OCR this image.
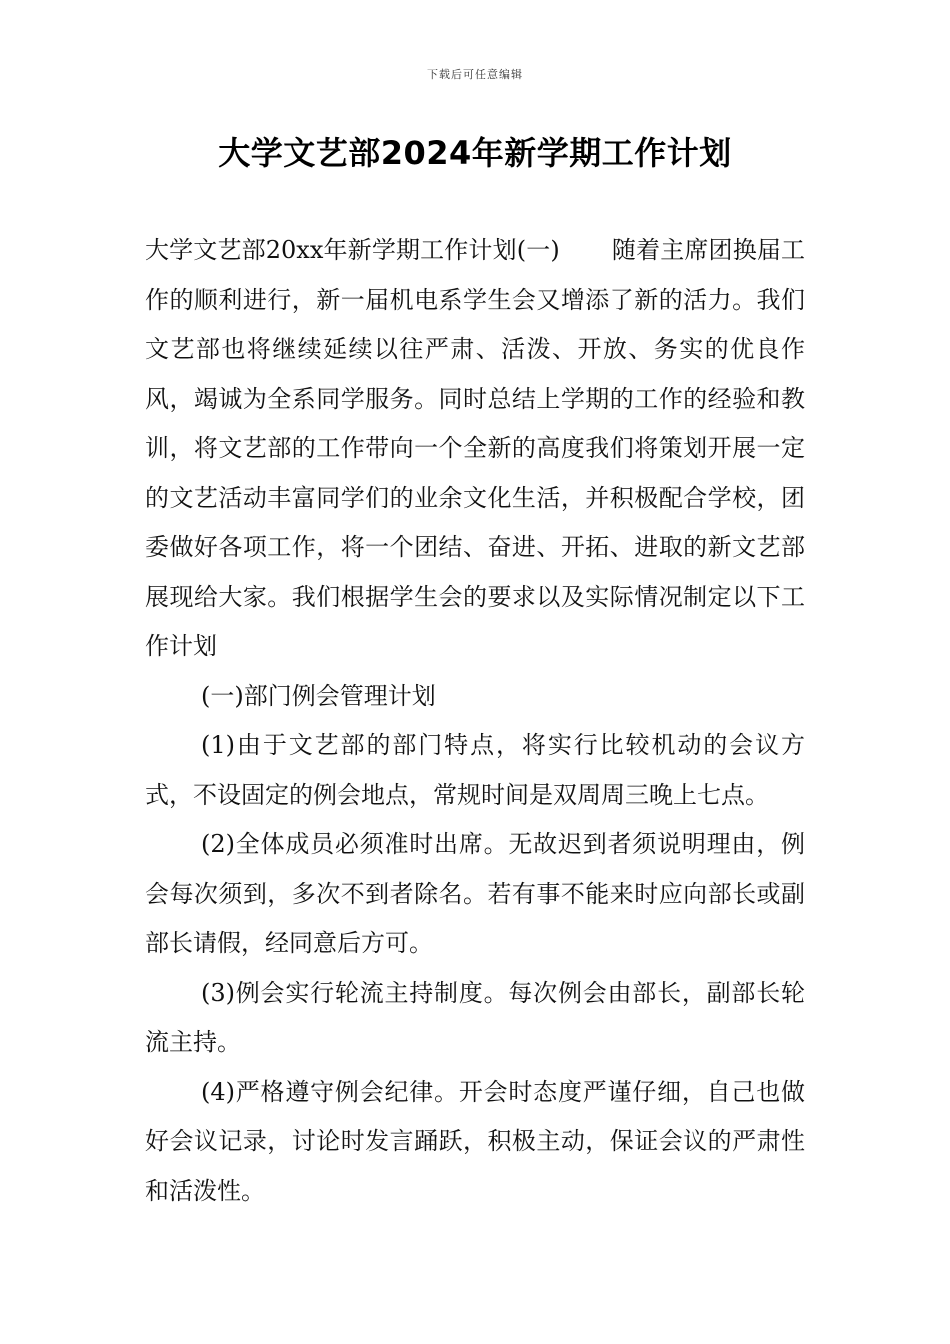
下载后可任意编辑
大学文艺部2024年新学期工作计划

大学文艺部20xx年新学期工作计划(一) 随着主席团换届工作的顺利进行，新一届机电系学生会又增添了新的活力。我们文艺部也将继续延续以往严肃、活泼、开放、务实的优良作风，竭诚为全系同学服务。同时总结上学期的工作的经验和教训，将文艺部的工作带向一个全新的高度我们将策划开展一定的文艺活动丰富同学们的业余文化生活，并积极配合学校，团委做好各项工作，将一个团结、奋进、开拓、进取的新文艺部展现给大家。我们根据学生会的要求以及实际情况制定以下工作计划

(一)部门例会管理计划

(1)由于文艺部的部门特点，将实行比较机动的会议方式，不设固定的例会地点，常规时间是双周周三晚上七点。

(2)全体成员必须准时出席。无故迟到者须说明理由，例会每次须到，多次不到者除名。若有事不能来时应向部长或副部长请假，经同意后方可。

(3)例会实行轮流主持制度。每次例会由部长，副部长轮流主持。

(4)严格遵守例会纪律。开会时态度严谨仔细，自己也做好会议记录，讨论时发言踊跃，积极主动，保证会议的严肃性和活泼性。
